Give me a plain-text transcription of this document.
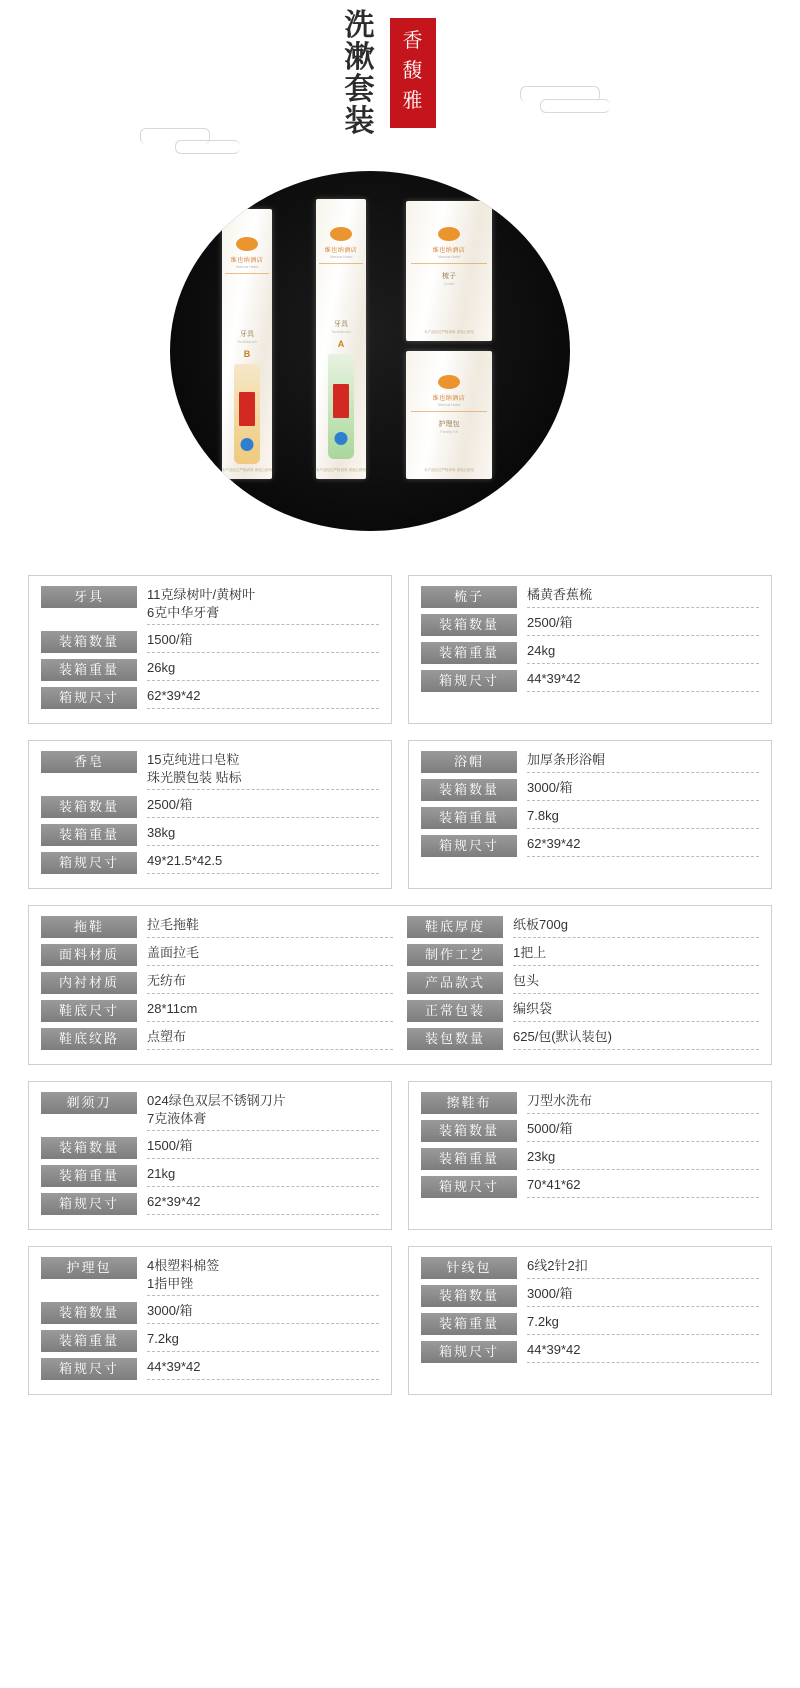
洗
漱
套
装
香
馥
雅
维也纳酒店
Vienna Hotel
牙具
Toothbrush
B
本产品经过严格消毒 请放心使用
维也纳酒店
Vienna Hotel
牙具
Toothbrush
A
本产品经过严格消毒 请放心使用
维也纳酒店
Vienna Hotel
梳子
Comb
本产品经过严格消毒 请放心使用
维也纳酒店
Vienna Hotel
护理包
Family Kit
本产品经过严格消毒 请放心使用
牙具	11克绿树叶/黄树叶
6克中华牙膏
装箱数量	1500/箱
装箱重量	26kg
箱规尺寸	62*39*42
梳子	橘黄香蕉梳
装箱数量	2500/箱
装箱重量	24kg
箱规尺寸	44*39*42
香皂	15克纯进口皂粒
珠光膜包装 贴标
装箱数量	2500/箱
装箱重量	38kg
箱规尺寸	49*21.5*42.5
浴帽	加厚条形浴帽
装箱数量	3000/箱
装箱重量	7.8kg
箱规尺寸	62*39*42
拖鞋	拉毛拖鞋
面料材质	盖面拉毛
内衬材质	无纺布
鞋底尺寸	28*11cm
鞋底纹路	点塑布
鞋底厚度	纸板700g
制作工艺	1把上
产品款式	包头
正常包装	编织袋
装包数量	625/包(默认装包)
剃须刀	024绿色双层不锈钢刀片
7克液体膏
装箱数量	1500/箱
装箱重量	21kg
箱规尺寸	62*39*42
擦鞋布	刀型水洗布
装箱数量	5000/箱
装箱重量	23kg
箱规尺寸	70*41*62
护理包	4根塑料棉签
1指甲锉
装箱数量	3000/箱
装箱重量	7.2kg
箱规尺寸	44*39*42
针线包	6线2针2扣
装箱数量	3000/箱
装箱重量	7.2kg
箱规尺寸	44*39*42
